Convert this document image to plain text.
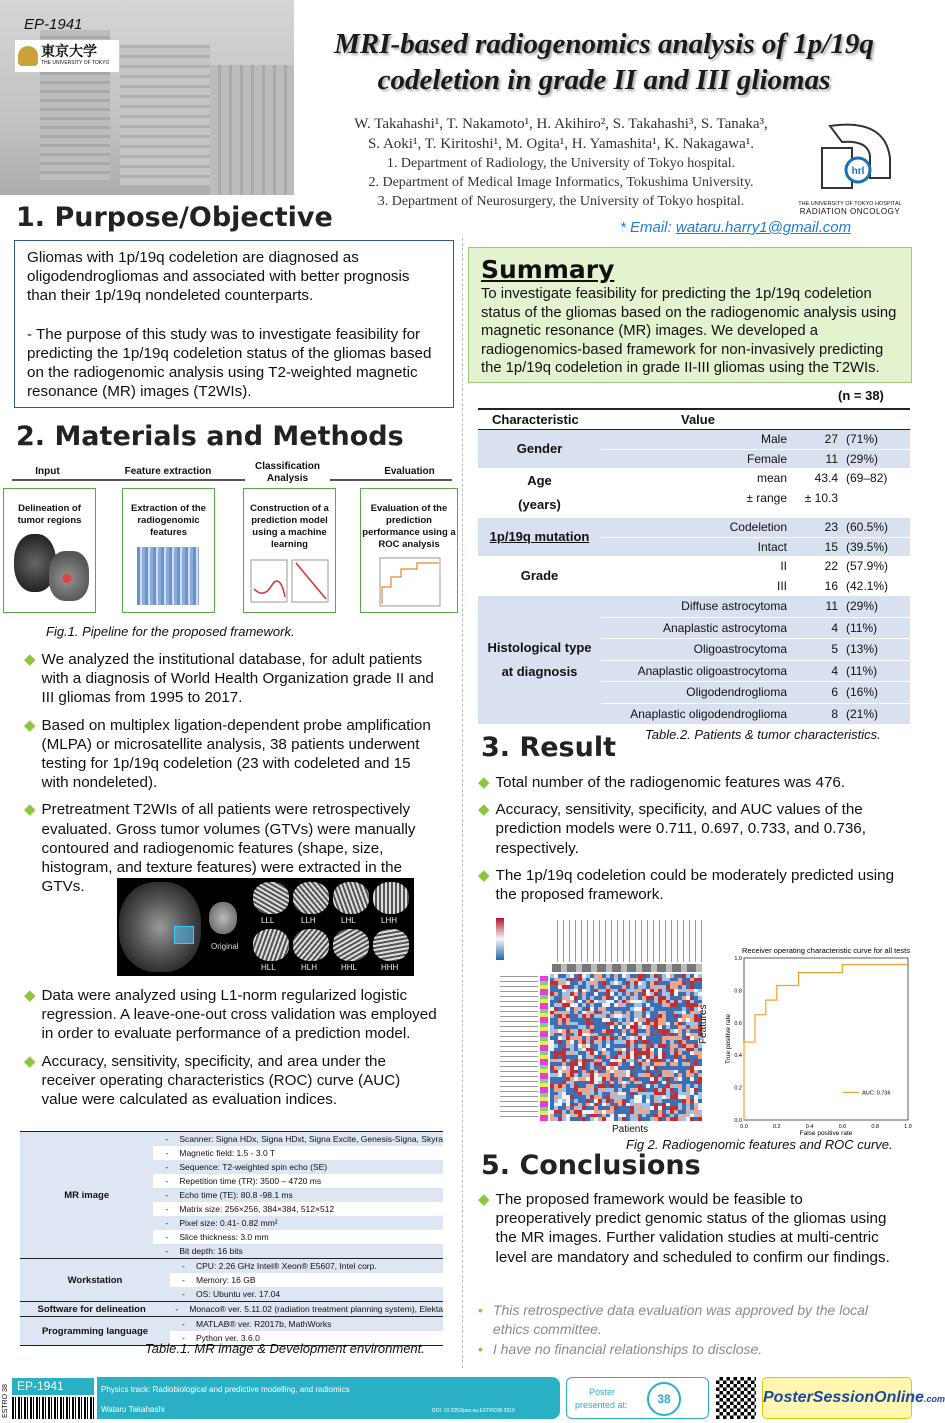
EP-1941
東京大学
THE UNIVERSITY OF TOKYO
MRI-based radiogenomics analysis of 1p/19q
codeletion in grade II and III gliomas
W. Takahashi¹, T. Nakamoto¹, H. Akihiro², S. Takahashi³, S. Tanaka³,
S. Aoki¹, T. Kiritoshi¹, M. Ogita¹, H. Yamashita¹, K. Nakagawa¹.
1. Department of Radiology, the University of Tokyo hospital.
2. Department of Medical Image Informatics, Tokushima University.
3. Department of Neurosurgery, the University of Tokyo hospital.
hrl
THE UNIVERSITY OF TOKYO HOSPITAL
RADIATION ONCOLOGY
* Email: wataru.harry1@gmail.com
1. Purpose/Objective
Gliomas with 1p/19q codeletion are diagnosed as oligodendrogliomas and associated with better prognosis than their 1p/19q nondeleted counterparts.
- The purpose of this study was to investigate feasibility for predicting the 1p/19q codeletion status of the gliomas based on the radiogenomic analysis using T2-weighted magnetic resonance (MR) images (T2WIs).
Summary
To investigate feasibility for predicting the 1p/19q codeletion status of the gliomas based on the radiogenomic analysis using magnetic resonance (MR) images. We developed a radiogenomics-based framework for non-invasively predicting the 1p/19q codeletion in grade II-III gliomas using the T2WIs.
2. Materials and Methods
Input	Feature extraction	Classification Analysis
Evaluation
Delineation of tumor regions
Extraction of the radiogenomic features
Construction of a prediction model using a machine learning
Evaluation of the prediction performance using a ROC analysis
Fig.1. Pipeline for the proposed framework.
◆ We analyzed the institutional database, for adult patients with a diagnosis of World Health Organization grade II and III gliomas from 1995 to 2017.
◆ Based on multiplex ligation-dependent probe amplification (MLPA) or microsatellite analysis, 38 patients underwent testing for 1p/19q codeletion (23 with codeleted and 15 with nondeleted).
◆ Pretreatment T2WIs of all patients were retrospectively evaluated. Gross tumor volumes (GTVs) were manually contoured and radiogenomic features (shape, size, histogram, and texture features) were extracted in the GTVs.
Original
LLL	LLH	LHL	LHH
HLL	HLH	HHL	HHH
◆ Data were analyzed using L1-norm regularized logistic regression. A leave-one-out cross validation was employed in order to evaluate performance of a prediction model.
◆ Accuracy, sensitivity, specificity, and area under the receiver operating characteristics (ROC) curve (AUC) value were calculated as evaluation indices.
MR image
-Scanner: Signa HDx, Signa HDxt, Signa Excite, Genesis-Signa, Skyra
-Magnetic field: 1.5 - 3.0 T
-Sequence: T2-weighted spin echo (SE)
-Repetition time (TR): 3500 – 4720 ms
-Echo time (TE): 80.8 -98.1 ms
-Matrix size: 256×256, 384×384, 512×512
-Pixel size: 0.41- 0.82 mm²
-Slice thickness: 3.0 mm
-Bit depth: 16 bits
Workstation
-CPU: 2.26 GHz Intel® Xeon® E5607, Intel corp.
-Memory: 16 GB
-OS: Ubuntu ver. 17.04
Software for delineation	-Monaco® ver. 5.11.02 (radiation treatment planning system), Elekta
Programming language
-MATLAB® ver. R2017b, MathWorks
-Python ver. 3.6.0
Table.1. MR image & Development environment.
(n = 38)
Characteristic	Value
Gender
Male	27 (71%)
Female	11 (29%)
Age
(years)
mean	43.4 (69–82)
± range	± 10.3
1p/19q mutation
Codeletion	23 (60.5%)
Intact	15 (39.5%)
Grade
II	22 (57.9%)
III	16 (42.1%)
Histological type
at diagnosis
Diffuse astrocytoma	11 (29%)
Anaplastic astrocytoma	4 (11%)
Oligoastrocytoma	5 (13%)
Anaplastic oligoastrocytoma	4 (11%)
Oligodendroglioma	6 (16%)
Anaplastic oligodendroglioma	8 (21%)
Table.2. Patients & tumor characteristics.
3. Result
◆ Total number of the radiogenomic features was 476.
◆ Accuracy, sensitivity, specificity, and AUC values of the prediction models were 0.711, 0.697, 0.733, and 0.736, respectively.
◆ The 1p/19q codeletion could be moderately predicted using the proposed framework.
Patients
Features
Receiver operating characteristic curve for all tests
0.0
0.0
0.2
0.2
0.4
0.4
0.6
0.6
0.8
0.8
1.0
1.0
False positive rate
True positive rate
AUC: 0.736
Fig 2. Radiogenomic features and ROC curve.
5. Conclusions
◆ The proposed framework would be feasible to preoperatively predict genomic status of the gliomas using the MR images. Further validation studies at multi-centric level are mandatory and scheduled to confirm our findings.
• This retrospective data evaluation was approved by the local ethics committee.
• I have no financial relationships to disclose.
ESTRO 38 EP-1941	Physics track: Radiobiological and predictive modelling, and radiomics
Wataru Takahashi	DOI: 10.3252/pso.eu.ESTRO38.2019
Poster
presented at:	38	PosterSessionOnline.com
